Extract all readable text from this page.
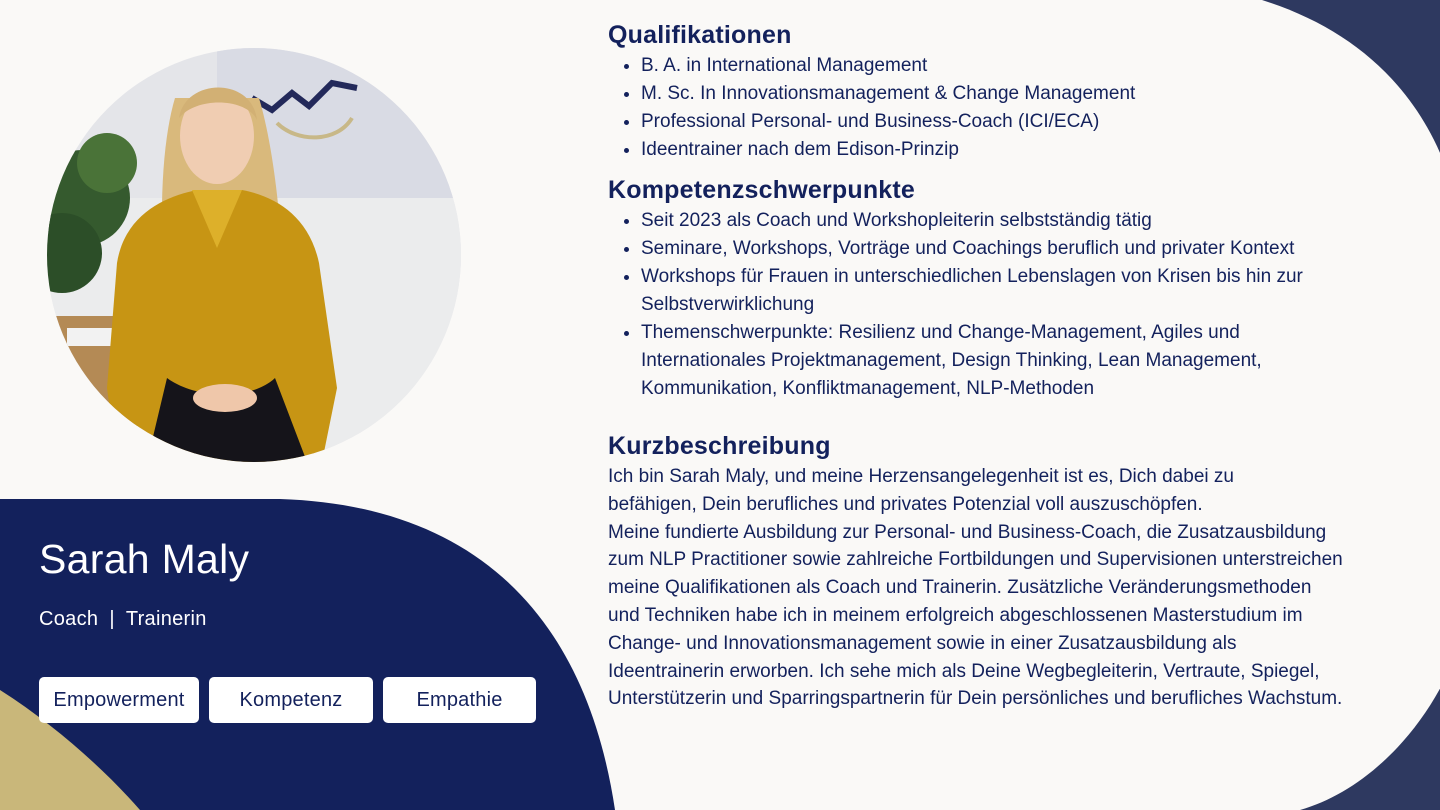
Sarah Maly
Coach | Trainerin
Empowerment	Kompetenz	Empathie
Qualifikationen
• B. A. in International Management
• M. Sc. In Innovationsmanagement & Change Management
• Professional Personal- und Business-Coach (ICI/ECA)
• Ideentrainer nach dem Edison-Prinzip
Kompetenzschwerpunkte
• Seit 2023 als Coach und Workshopleiterin selbstständig tätig
• Seminare, Workshops, Vorträge und Coachings beruflich und privater Kontext
• Workshops für Frauen in unterschiedlichen Lebenslagen von Krisen bis hin zur Selbstverwirklichung
• Themenschwerpunkte: Resilienz und Change-Management, Agiles und Internationales Projektmanagement, Design Thinking, Lean Management, Kommunikation, Konfliktmanagement, NLP-Methoden
Kurzbeschreibung

Ich bin Sarah Maly, und meine Herzensangelegenheit ist es, Dich dabei zu befähigen, Dein berufliches und privates Potenzial voll auszuschöpfen.

Meine fundierte Ausbildung zur Personal- und Business-Coach, die Zusatzausbildung zum NLP Practitioner sowie zahlreiche Fortbildungen und Supervisionen unterstreichen meine Qualifikationen als Coach und Trainerin. Zusätzliche Veränderungsmethoden und Techniken habe ich in meinem erfolgreich abgeschlossenen Masterstudium im Change- und Innovationsmanagement sowie in einer Zusatzausbildung als Ideentrainerin erworben. Ich sehe mich als Deine Wegbegleiterin, Vertraute, Spiegel, Unterstützerin und Sparringspartnerin für Dein persönliches und berufliches Wachstum.
